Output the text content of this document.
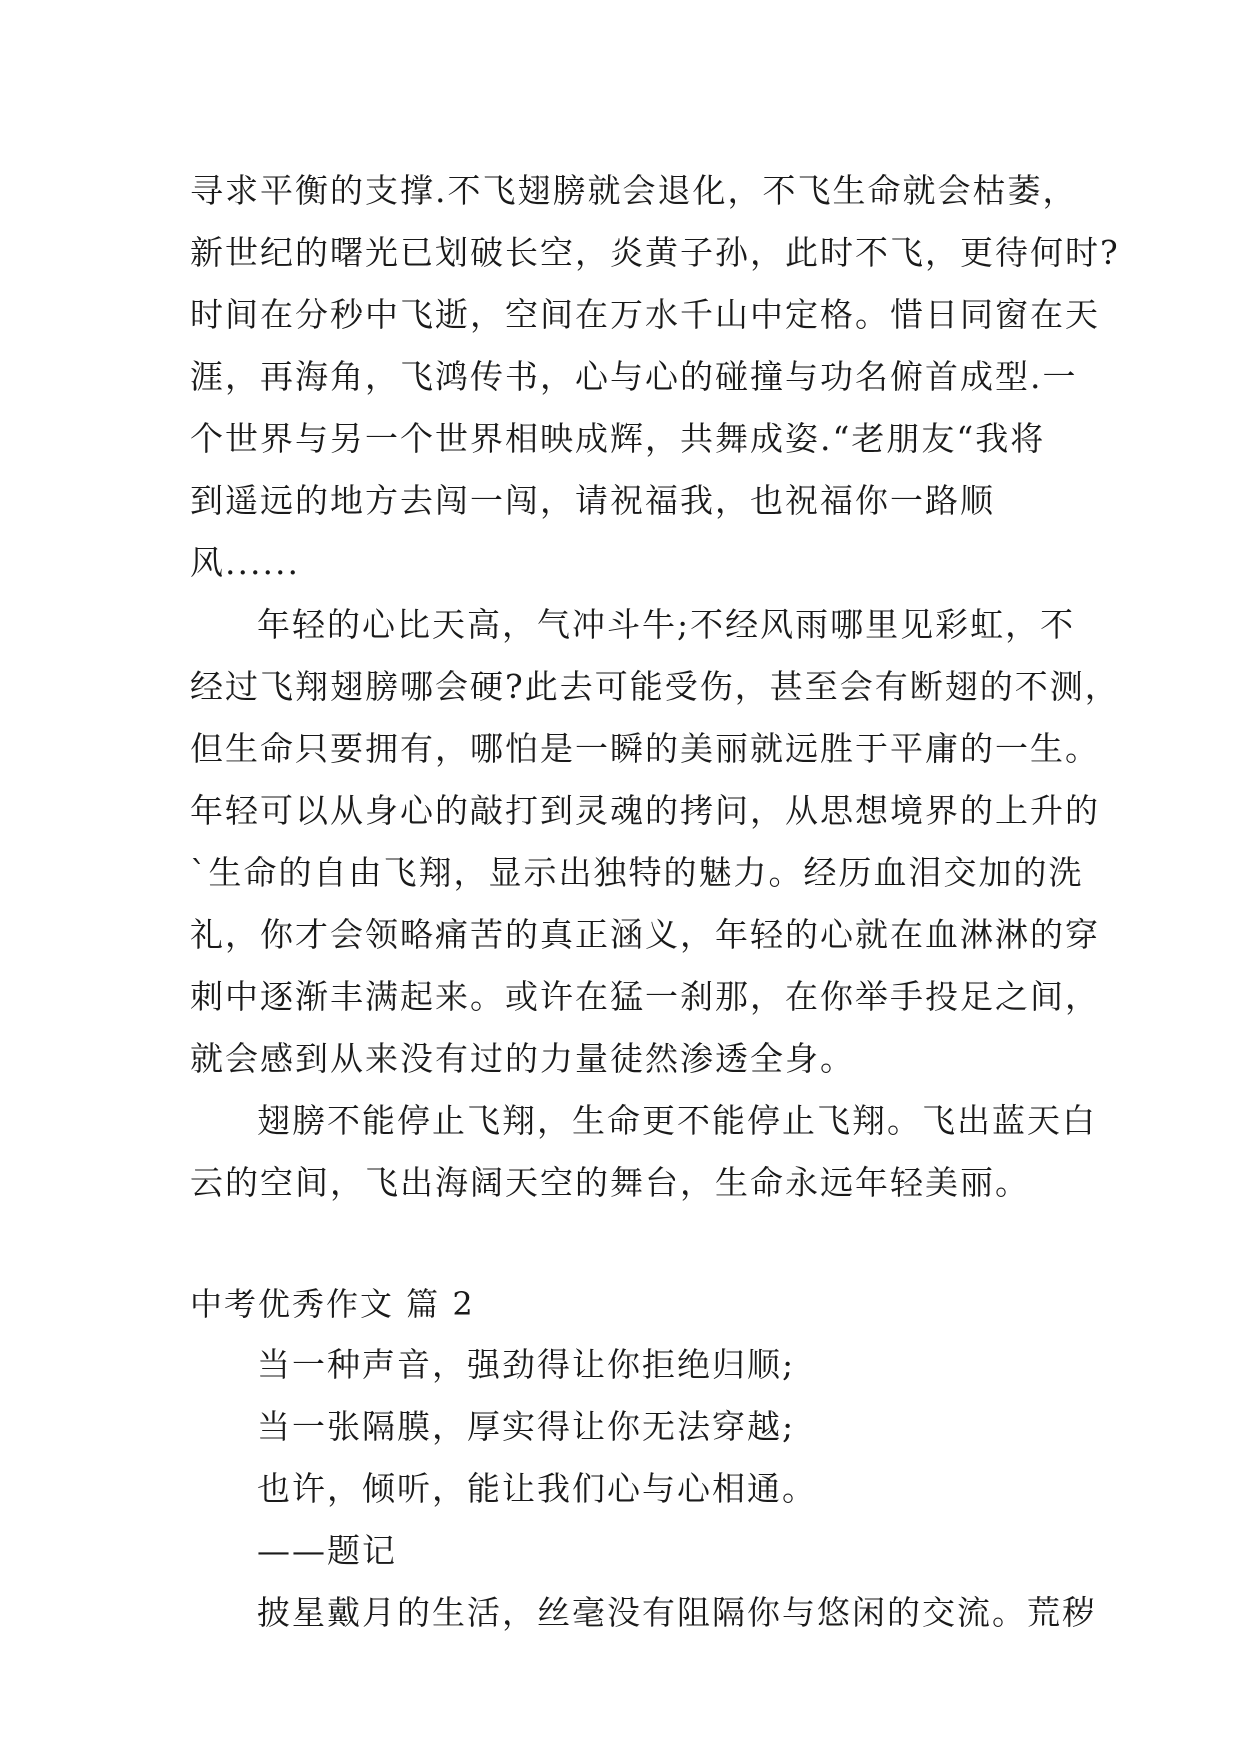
寻求平衡的支撑.不飞翅膀就会退化，不飞生命就会枯萎，
新世纪的曙光已划破长空，炎黄子孙，此时不飞，更待何时?
时间在分秒中飞逝，空间在万水千山中定格。惜日同窗在天
涯，再海角，飞鸿传书，心与心的碰撞与功名俯首成型.一
个世界与另一个世界相映成辉，共舞成姿.“老朋友“我将
到遥远的地方去闯一闯，请祝福我，也祝福你一路顺
风......
年轻的心比天高，气冲斗牛;不经风雨哪里见彩虹，不
经过飞翔翅膀哪会硬?此去可能受伤，甚至会有断翅的不测，
但生命只要拥有，哪怕是一瞬的美丽就远胜于平庸的一生。
年轻可以从身心的敲打到灵魂的拷问，从思想境界的上升的
`生命的自由飞翔，显示出独特的魅力。经历血泪交加的洗
礼，你才会领略痛苦的真正涵义，年轻的心就在血淋淋的穿
刺中逐渐丰满起来。或许在猛一刹那，在你举手投足之间，
就会感到从来没有过的力量徒然渗透全身。
翅膀不能停止飞翔，生命更不能停止飞翔。飞出蓝天白
云的空间，飞出海阔天空的舞台，生命永远年轻美丽。
中考优秀作文 篇 2
当一种声音，强劲得让你拒绝归顺;
当一张隔膜，厚实得让你无法穿越;
也许，倾听，能让我们心与心相通。
——题记
披星戴月的生活，丝毫没有阻隔你与悠闲的交流。荒秽
